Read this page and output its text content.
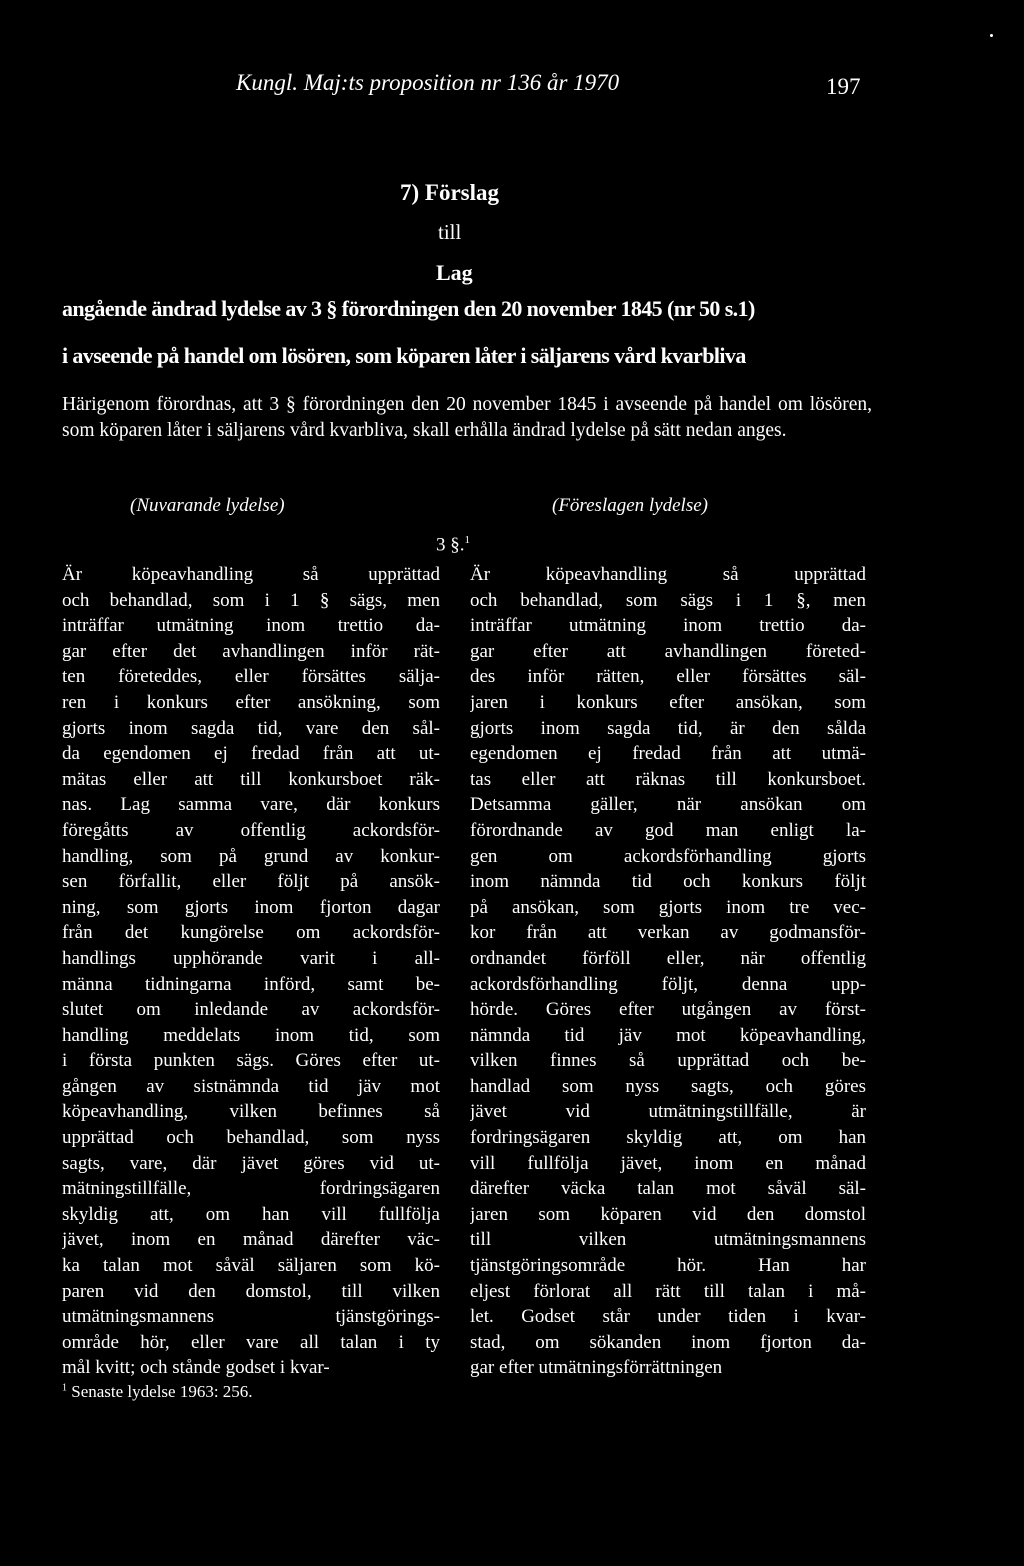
Kungl. Maj:ts proposition nr 136 år 1970	197
7) Förslag
till
Lag
angående ändrad lydelse av 3 § förordningen den 20 november 1845 (nr 50 s.1)
i avseende på handel om lösören, som köparen låter i säljarens vård kvarbliva
Härigenom förordnas, att 3 § förordningen den 20 november 1845 i avseende på handel om lösören, som köparen låter i säljarens vård kvarbliva, skall erhålla ändrad lydelse på sätt nedan anges.
(Nuvarande lydelse)	(Föreslagen lydelse)
3 §.$^1$
Är köpeavhandling så upprättad
och behandlad, som i 1 § sägs, men
inträffar utmätning inom trettio da-
gar efter det avhandlingen inför rät-
ten företeddes, eller försättes sälja-
ren i konkurs efter ansökning, som
gjorts inom sagda tid, vare den sål-
da egendomen ej fredad från att ut-
mätas eller att till konkursboet räk-
nas. Lag samma vare, där konkurs
föregåtts av offentlig ackordsför-
handling, som på grund av konkur-
sen förfallit, eller följt på ansök-
ning, som gjorts inom fjorton dagar
från det kungörelse om ackordsför-
handlings upphörande varit i all-
männa tidningarna införd, samt be-
slutet om inledande av ackordsför-
handling meddelats inom tid, som
i första punkten sägs. Göres efter ut-
gången av sistnämnda tid jäv mot
köpeavhandling, vilken befinnes så
upprättad och behandlad, som nyss
sagts, vare, där jävet göres vid ut-
mätningstillfälle, fordringsägaren
skyldig att, om han vill fullfölja
jävet, inom en månad därefter väc-
ka talan mot såväl säljaren som kö-
paren vid den domstol, till vilken
utmätningsmannens tjänstgörings-
område hör, eller vare all talan i ty
mål kvitt; och stånde godset i kvar-
Är köpeavhandling så upprättad
och behandlad, som sägs i 1 §, men
inträffar utmätning inom trettio da-
gar efter att avhandlingen företed-
des inför rätten, eller försättes säl-
jaren i konkurs efter ansökan, som
gjorts inom sagda tid, är den sålda
egendomen ej fredad från att utmä-
tas eller att räknas till konkursboet.
Detsamma gäller, när ansökan om
förordnande av god man enligt la-
gen om ackordsförhandling gjorts
inom nämnda tid och konkurs följt
på ansökan, som gjorts inom tre vec-
kor från att verkan av godmansför-
ordnandet förföll eller, när offentlig
ackordsförhandling följt, denna upp-
hörde. Göres efter utgången av först-
nämnda tid jäv mot köpeavhandling,
vilken finnes så upprättad och be-
handlad som nyss sagts, och göres
jävet vid utmätningstillfälle, är
fordringsägaren skyldig att, om han
vill fullfölja jävet, inom en månad
därefter väcka talan mot såväl säl-
jaren som köparen vid den domstol
till vilken utmätningsmannens
tjänstgöringsområde hör. Han har
eljest förlorat all rätt till talan i må-
let. Godset står under tiden i kvar-
stad, om sökanden inom fjorton da-
gar efter utmätningsförrättningen
$^1$ Senaste lydelse 1963: 256.
